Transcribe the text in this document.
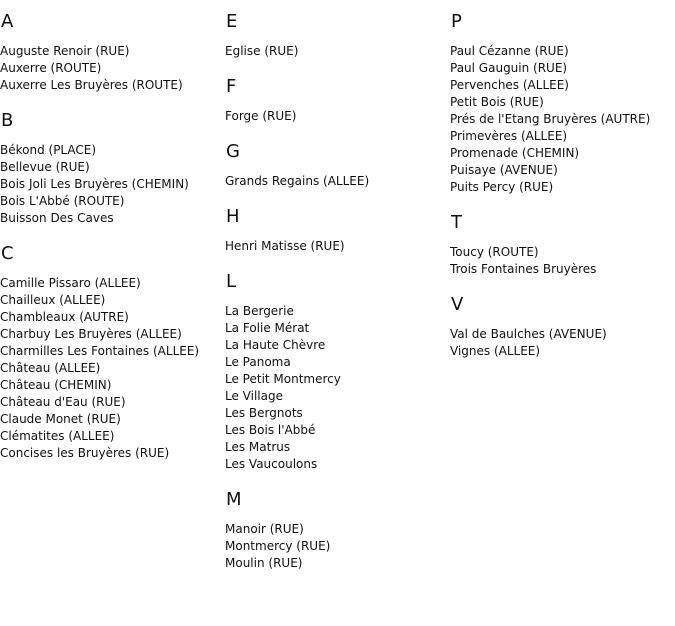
A
Auguste Renoir (RUE)
Auxerre (ROUTE)
Auxerre Les Bruyères (ROUTE)
B
Békond (PLACE)
Bellevue (RUE)
Bois Joli Les Bruyères (CHEMIN)
Bois L'Abbé (ROUTE)
Buisson Des Caves
C
Camille Pissaro (ALLEE)
Chailleux (ALLEE)
Chambleaux (AUTRE)
Charbuy Les Bruyères (ALLEE)
Charmilles Les Fontaines (ALLEE)
Château (ALLEE)
Château (CHEMIN)
Château d'Eau (RUE)
Claude Monet (RUE)
Clématites (ALLEE)
Concises les Bruyères (RUE)
E
Eglise (RUE)
F
Forge (RUE)
G
Grands Regains (ALLEE)
H
Henri Matisse (RUE)
L
La Bergerie
La Folie Mérat
La Haute Chèvre
Le Panoma
Le Petit Montmercy
Le Village
Les Bergnots
Les Bois l'Abbé
Les Matrus
Les Vaucoulons
M
Manoir (RUE)
Montmercy (RUE)
Moulin (RUE)
P
Paul Cézanne (RUE)
Paul Gauguin (RUE)
Pervenches (ALLEE)
Petit Bois (RUE)
Prés de l'Etang Bruyères (AUTRE)
Primevères (ALLEE)
Promenade (CHEMIN)
Puisaye (AVENUE)
Puits Percy (RUE)
T
Toucy (ROUTE)
Trois Fontaines Bruyères
V
Val de Baulches (AVENUE)
Vignes (ALLEE)
